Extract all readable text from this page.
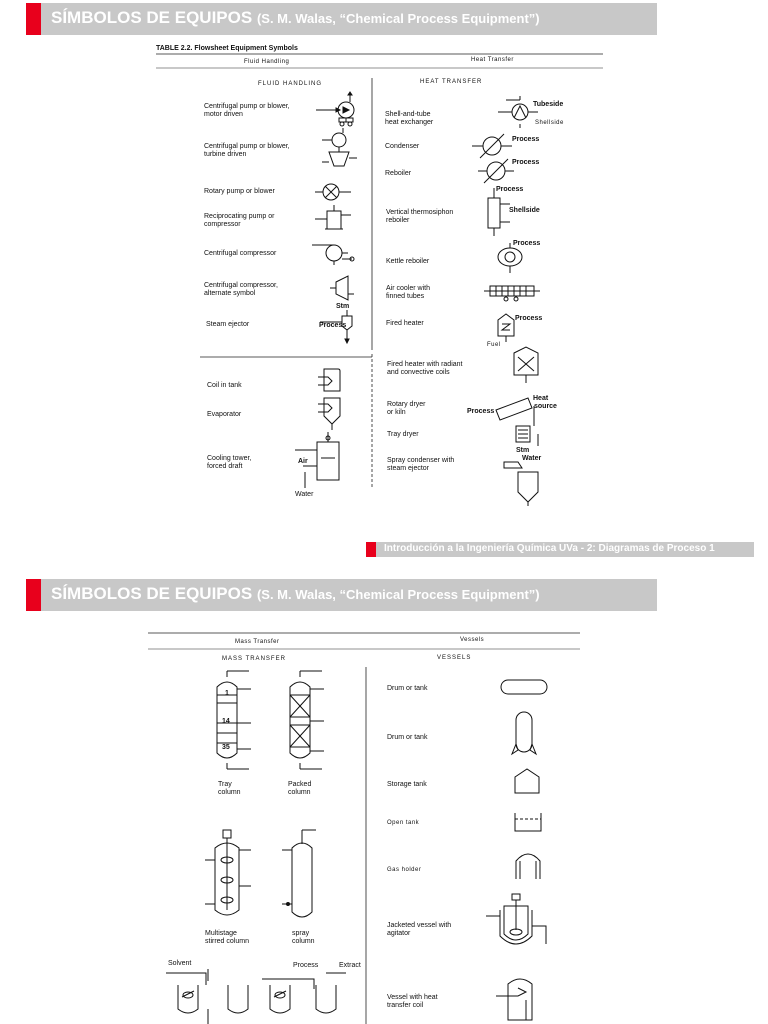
SÍMBOLOS DE EQUIPOS (S. M. Walas, “Chemical Process Equipment”)
TABLE 2.2. Flowsheet Equipment Symbols
Fluid Handling	Heat Transfer
FLUID HANDLING	HEAT TRANSFER
Centrifugal pump or blower,
motor driven
Centrifugal pump or blower,
turbine driven
Rotary pump or blower
Reciprocating pump or
compressor
Centrifugal compressor
Centrifugal compressor,
alternate symbol
Steam ejector
Coil in tank
Evaporator
Cooling tower,
forced draft
Shell-and-tube
heat exchanger
Condenser
Reboiler
Vertical thermosiphon
reboiler
Kettle reboiler
Air cooler with
finned tubes
Fired heater
Fired heater with radiant
and convective coils
Rotary dryer
or kiln
Tray dryer
Spray condenser with
steam ejector
Stm
Process
Air
Water
Tubeside
Shellside
Process
Process
Process
Shellside
Process
Process
Fuel
Process
Heat
source
Stm
Water
Introducción a la Ingeniería Química UVa - 2: Diagramas de Proceso 1
SÍMBOLOS DE EQUIPOS (S. M. Walas, “Chemical Process Equipment”)
Mass Transfer	Vessels
MASS TRANSFER	VESSELS
1
14
35
Tray
column
Packed
column
Multistage
stirred column
spray
column
Solvent	Process	Extract
Drum or tank
Drum or tank
Storage tank
Open tank
Gas holder
Jacketed vessel with
agitator
Vessel with heat
transfer coil
